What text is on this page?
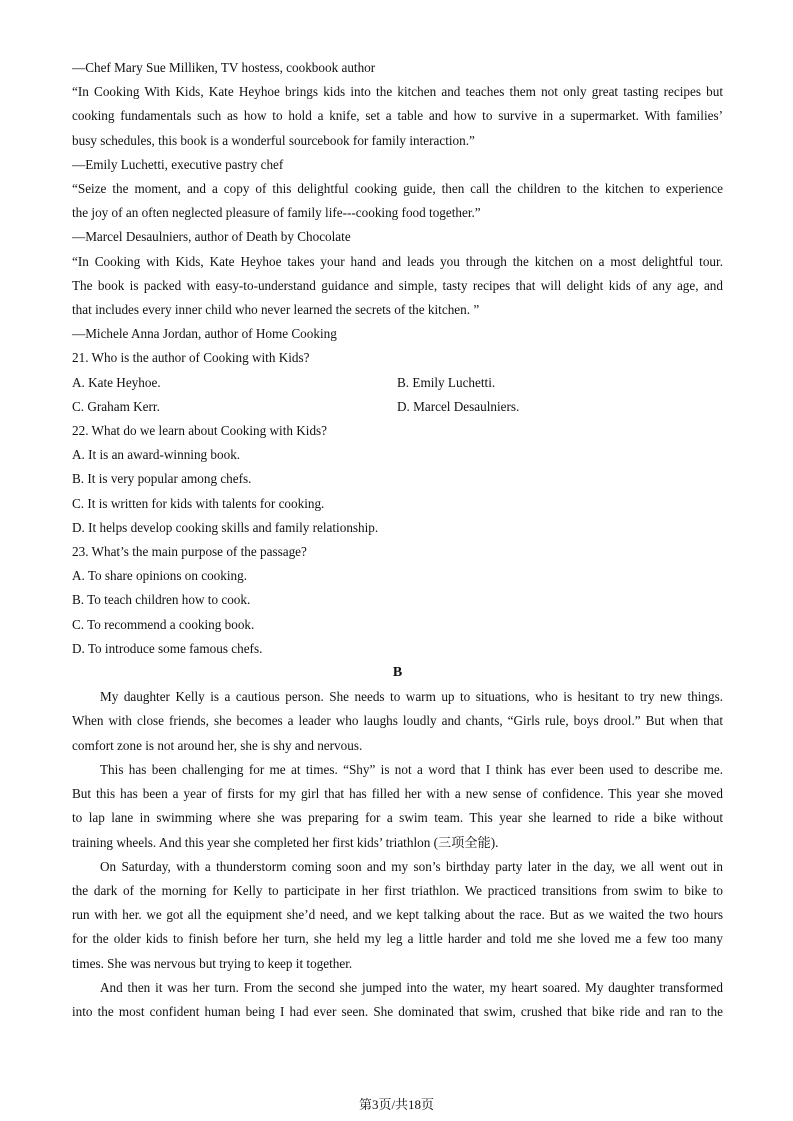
—Chef Mary Sue Milliken, TV hostess, cookbook author
“In Cooking With Kids, Kate Heyhoe brings kids into the kitchen and teaches them not only great tasting recipes but
cooking fundamentals such as how to hold a knife, set a table and how to survive in a supermarket. With families’
busy schedules, this book is a wonderful sourcebook for family interaction.”
—Emily Luchetti, executive pastry chef
“Seize the moment, and a copy of this delightful cooking guide, then call the children to the kitchen to experience
the joy of an often neglected pleasure of family life---cooking food together.”
—Marcel Desaulniers, author of Death by Chocolate
“In Cooking with Kids, Kate Heyhoe takes your hand and leads you through the kitchen on a most delightful tour.
The book is packed with easy-to-understand guidance and simple, tasty recipes that will delight kids of any age, and
that includes every inner child who never learned the secrets of the kitchen. ”
—Michele Anna Jordan, author of Home Cooking
21. Who is the author of Cooking with Kids?
A. Kate Heyhoe.	B. Emily Luchetti.
C. Graham Kerr.	D. Marcel Desaulniers.
22. What do we learn about Cooking with Kids?
A. It is an award-winning book.
B. It is very popular among chefs.
C. It is written for kids with talents for cooking.
D. It helps develop cooking skills and family relationship.
23. What’s the main purpose of the passage?
A. To share opinions on cooking.
B. To teach children how to cook.
C. To recommend a cooking book.
D. To introduce some famous chefs.
B
My daughter Kelly is a cautious person. She needs to warm up to situations, who is hesitant to try new things.
When with close friends, she becomes a leader who laughs loudly and chants, “Girls rule, boys drool.” But when that
comfort zone is not around her, she is shy and nervous.
This has been challenging for me at times. “Shy” is not a word that I think has ever been used to describe me.
But this has been a year of firsts for my girl that has filled her with a new sense of confidence. This year she moved
to lap lane in swimming where she was preparing for a swim team. This year she learned to ride a bike without
training wheels. And this year she completed her first kids’ triathlon (三项全能).
On Saturday, with a thunderstorm coming soon and my son’s birthday party later in the day, we all went out in
the dark of the morning for Kelly to participate in her first triathlon. We practiced transitions from swim to bike to
run with her. we got all the equipment she’d need, and we kept talking about the race. But as we waited the two hours
for the older kids to finish before her turn, she held my leg a little harder and told me she loved me a few too many
times. She was nervous but trying to keep it together.
And then it was her turn. From the second she jumped into the water, my heart soared. My daughter transformed
into the most confident human being I had ever seen. She dominated that swim, crushed that bike ride and ran to the
第3页/共18页
